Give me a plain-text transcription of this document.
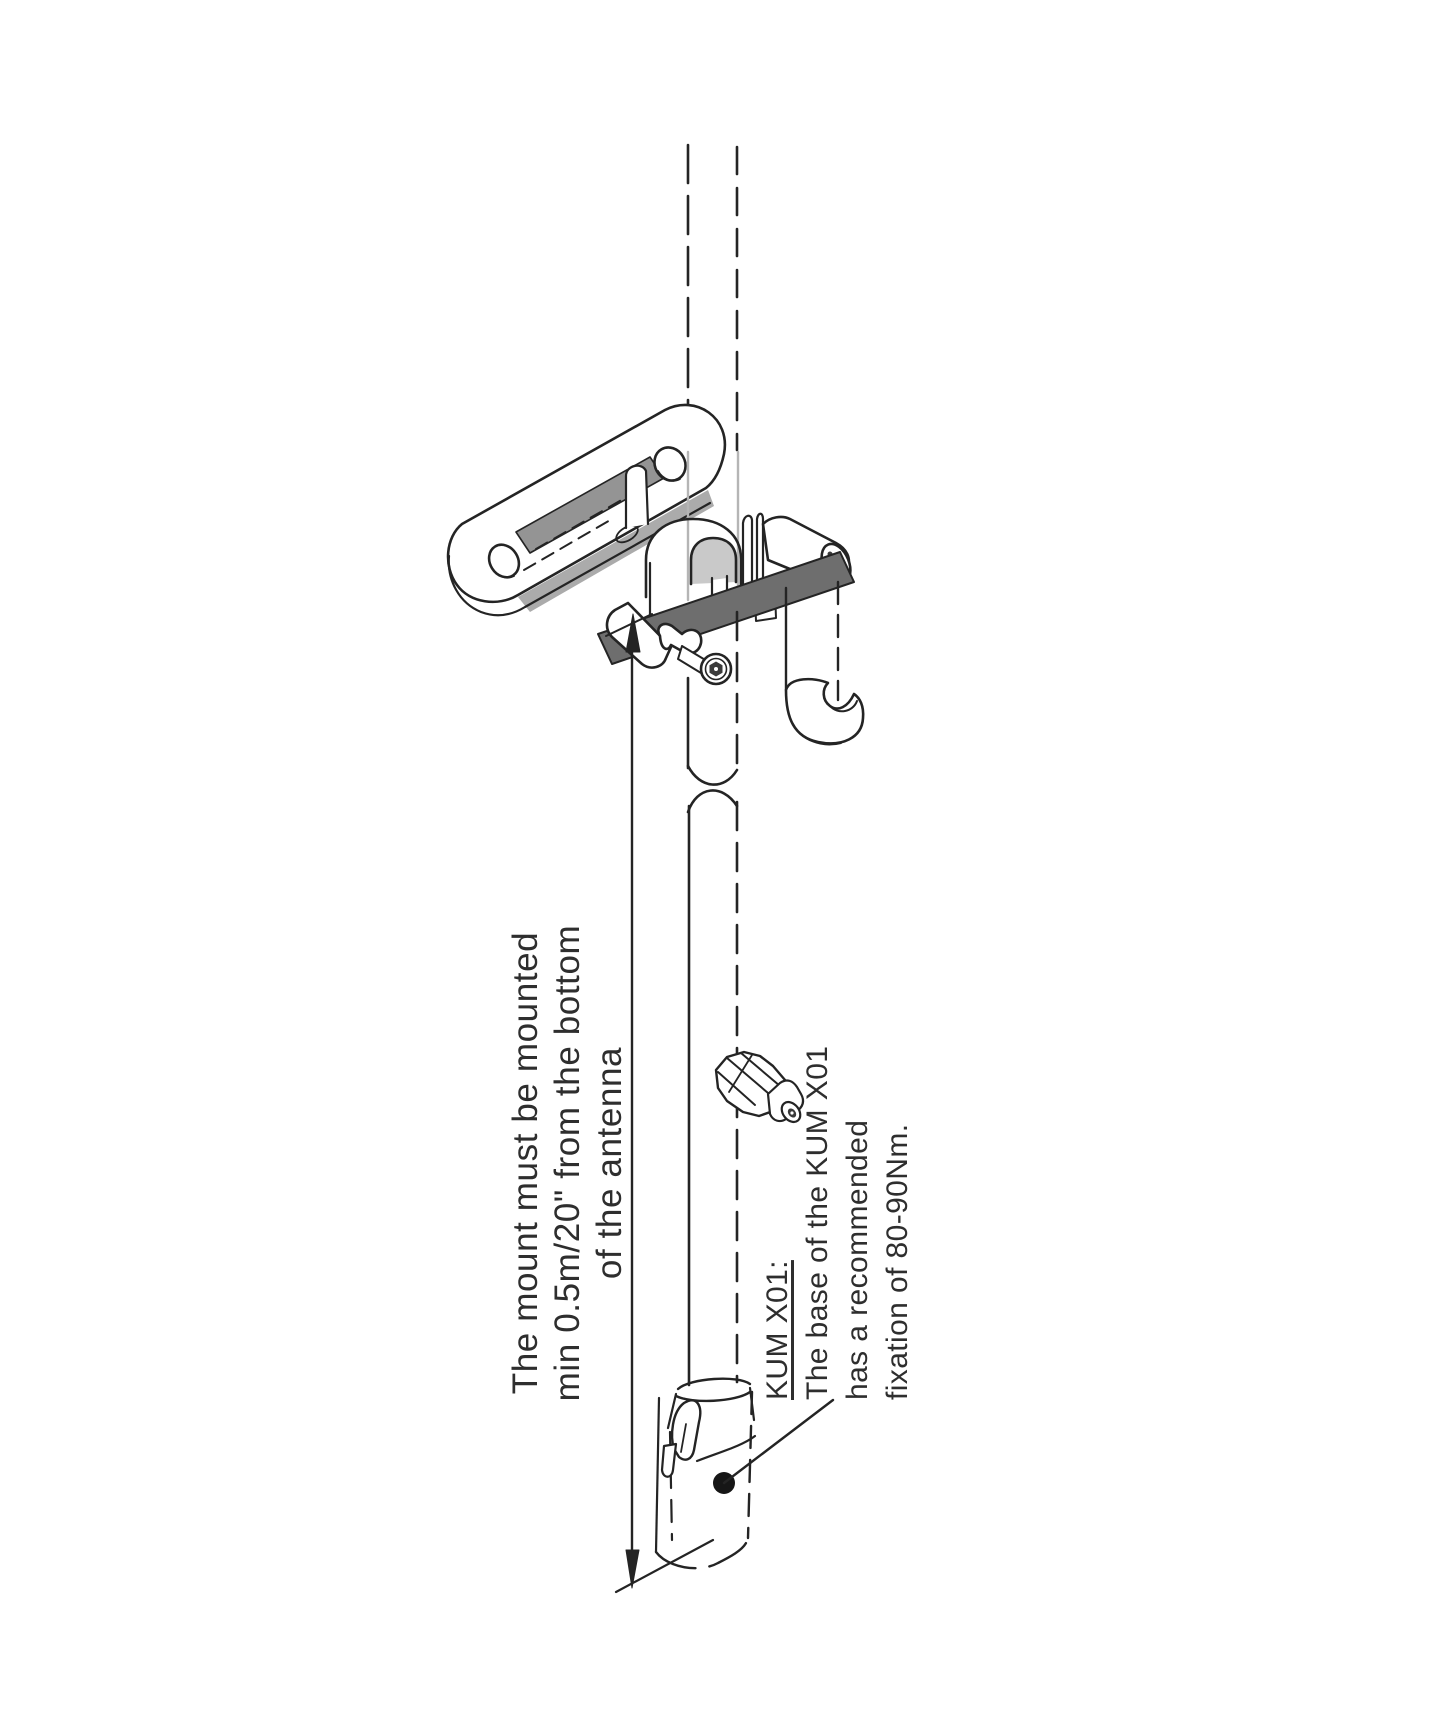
The mount must be mounted min 0.5m/20" from the bottom of the antenna
KUM X01: The base of the KUM X01 has a recommended fixation of 80-90Nm.
